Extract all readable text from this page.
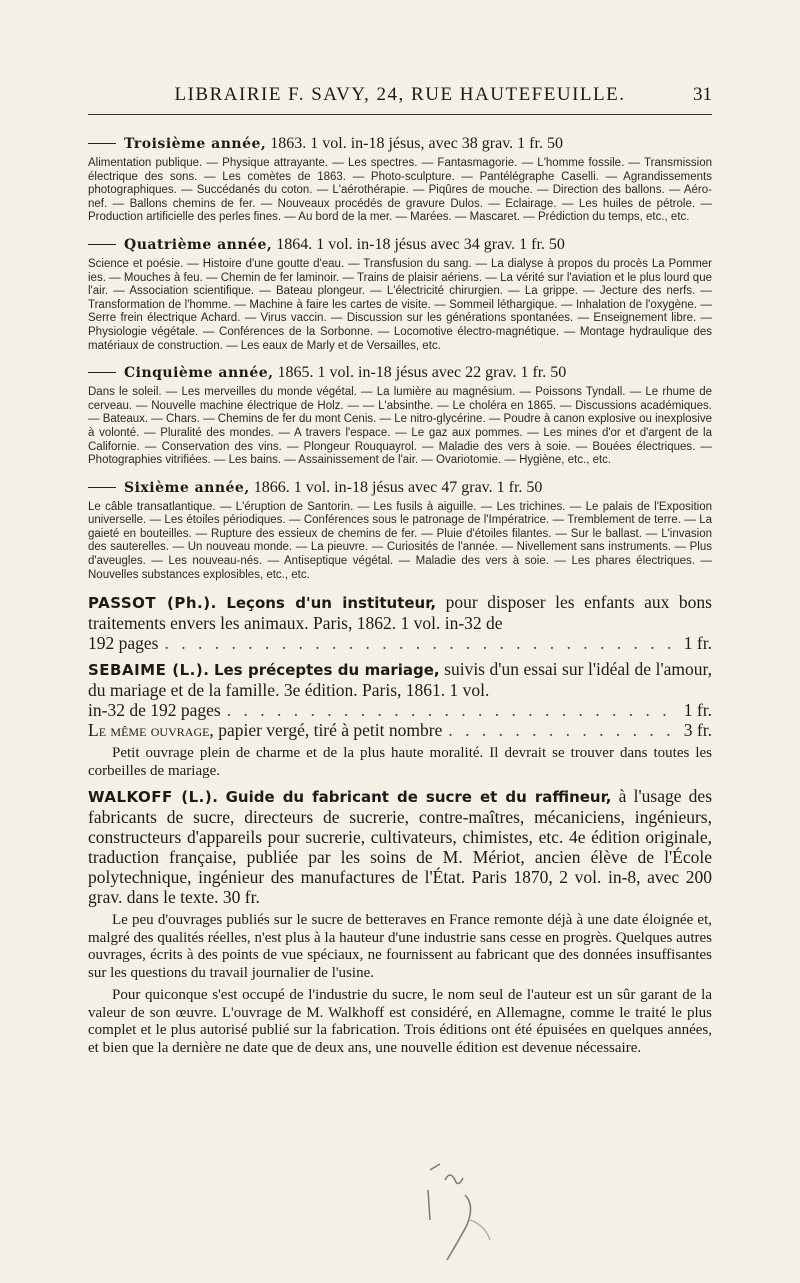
LIBRAIRIE F. SAVY, 24, RUE HAUTEFEUILLE.	31
Troisième année, 1863. 1 vol. in-18 jésus, avec 38 grav. 1 fr. 50
Alimentation publique. — Physique attrayante. — Les spectres. — Fantasmagorie. — L'homme fossile. — Transmission électrique des sons. — Les comètes de 1863. — Photo-sculpture. — Pantélégraphe Caselli. — Agrandissements photographiques. — Succédanés du coton. — L'aérothérapie. — Piqûres de mouche. — Direction des ballons. — Aéro-nef. — Ballons chemins de fer. — Nouveaux procédés de gravure Dulos. — Eclairage. — Les huiles de pétrole. — Production artificielle des perles fines. — Au bord de la mer. — Marées. — Mascaret. — Prédiction du temps, etc., etc.
Quatrième année, 1864. 1 vol. in-18 jésus avec 34 grav. 1 fr. 50
Science et poésie. — Histoire d'une goutte d'eau. — Transfusion du sang. — La dialyse à propos du procès La Pommer ies. — Mouches à feu. — Chemin de fer laminoir. — Trains de plaisir aériens. — La vérité sur l'aviation et le plus lourd que l'air. — Association scientifique. — Bateau plongeur. — L'électricité chirurgien. — La grippe. — Jecture des nerfs. — Transformation de l'homme. — Machine à faire les cartes de visite. — Sommeil léthargique. — Inhalation de l'oxygène. — Serre frein électrique Achard. — Virus vaccin. — Discussion sur les générations spontanées. — Enseignement libre. — Physiologie végétale. — Conférences de la Sorbonne. — Locomotive électro-magnétique. — Montage hydraulique des matériaux de construction. — Les eaux de Marly et de Versailles, etc.
Cinquième année, 1865. 1 vol. in-18 jésus avec 22 grav. 1 fr. 50
Dans le soleil. — Les merveilles du monde végétal. — La lumière au magnésium. — Poissons Tyndall. — Le rhume de cerveau. — Nouvelle machine électrique de Holz. — — L'absinthe. — Le choléra en 1865. — Discussions académiques. — Bateaux. — Chars. — Chemins de fer du mont Cenis. — Le nitro-glycérine. — Poudre à canon explosive ou inexplosive à volonté. — Pluralité des mondes. — A travers l'espace. — Le gaz aux pommes. — Les mines d'or et d'argent de la Californie. — Conservation des vins. — Plongeur Rouquayrol. — Maladie des vers à soie. — Bouées électriques. — Photographies vitrifiées. — Les bains. — Assainissement de l'air. — Ovariotomie. — Hygiène, etc., etc.
Sixième année, 1866. 1 vol. in-18 jésus avec 47 grav. 1 fr. 50
Le câble transatlantique. — L'éruption de Santorin. — Les fusils à aiguille. — Les trichines. — Le palais de l'Exposition universelle. — Les étoiles périodiques. — Conférences sous le patronage de l'Impératrice. — Tremblement de terre. — La gaieté en bouteilles. — Rupture des essieux de chemins de fer. — Pluie d'étoiles filantes. — Sur le ballast. — L'invasion des sauterelles. — Un nouveau monde. — La pieuvre. — Curiosités de l'année. — Nivellement sans instruments. — Plus d'aveugles. — Les nouveau-nés. — Antiseptique végétal. — Maladie des vers à soie. — Les phares électriques. — Nouvelles substances explosibles, etc., etc.
PASSOT (Ph.). Leçons d'un instituteur, pour disposer les enfants aux bons traitements envers les animaux. Paris, 1862. 1 vol. in-32 de
192 pages . . .	1 fr.
SEBAIME (L.). Les préceptes du mariage, suivis d'un essai sur l'idéal de l'amour, du mariage et de la famille. 3e édition. Paris, 1861. 1 vol.
in-32 de 192 pages . . .	1 fr.
Le même ouvrage, papier vergé, tiré à petit nombre . . .	3 fr.
Petit ouvrage plein de charme et de la plus haute moralité. Il devrait se trouver dans toutes les corbeilles de mariage.
WALKOFF (L.). Guide du fabricant de sucre et du raffineur, à l'usage des fabricants de sucre, directeurs de sucrerie, contre-maîtres, mécaniciens, ingénieurs, constructeurs d'appareils pour sucrerie, cultivateurs, chimistes, etc. 4e édition originale, traduction française, publiée par les soins de M. Mériot, ancien élève de l'École polytechnique, ingénieur des manufactures de l'État. Paris 1870, 2 vol. in-8, avec 200 grav. dans le texte. 30 fr.
Le peu d'ouvrages publiés sur le sucre de betteraves en France remonte déjà à une date éloignée et, malgré des qualités réelles, n'est plus à la hauteur d'une industrie sans cesse en progrès. Quelques autres ouvrages, écrits à des points de vue spéciaux, ne fournissent au fabricant que des données insuffisantes sur les questions du travail journalier de l'usine.
Pour quiconque s'est occupé de l'industrie du sucre, le nom seul de l'auteur est un sûr garant de la valeur de son œuvre. L'ouvrage de M. Walkhoff est considéré, en Allemagne, comme le traité le plus complet et le plus autorisé publié sur la fabrication. Trois éditions ont été épuisées en quelques années, et bien que la dernière ne date que de deux ans, une nouvelle édition est devenue nécessaire.
